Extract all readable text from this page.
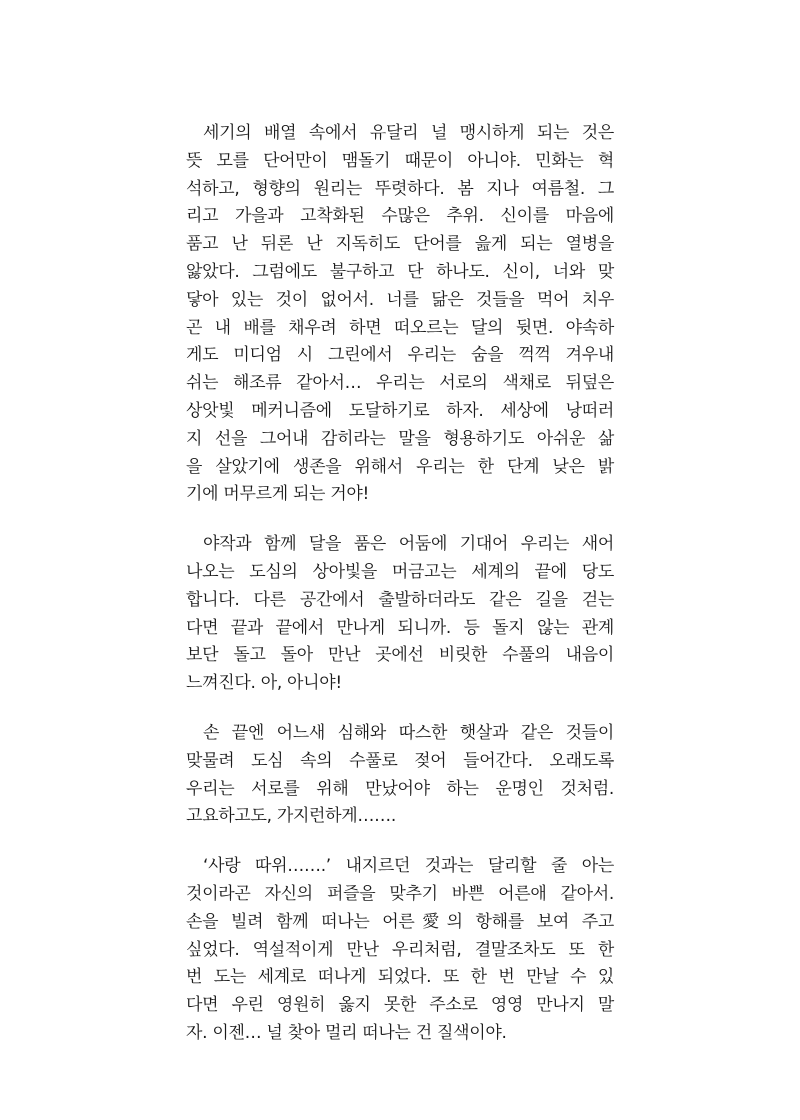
세기의 배열 속에서 유달리 널 맹시하게 되는 것은
뜻 모를 단어만이 맴돌기 때문이 아니야. 민화는 혁
석하고, 형향의 원리는 뚜렷하다. 봄 지나 여름철. 그
리고 가을과 고착화된 수많은 추위. 신이를 마음에
품고 난 뒤론 난 지독히도 단어를 읊게 되는 열병을
앓았다. 그럼에도 불구하고 단 하나도. 신이, 너와 맞
닿아 있는 것이 없어서. 너를 닮은 것들을 먹어 치우
곤 내 배를 채우려 하면 떠오르는 달의 뒷면. 야속하
게도 미디엄 시 그린에서 우리는 숨을 꺽꺽 겨우내
쉬는 해조류 같아서… 우리는 서로의 색채로 뒤덮은
상앗빛 메커니즘에 도달하기로 하자. 세상에 낭떠러
지 선을 그어내 감히라는 말을 형용하기도 아쉬운 삶
을 살았기에 생존을 위해서 우리는 한 단계 낮은 밝
기에 머무르게 되는 거야!
야작과 함께 달을 품은 어둠에 기대어 우리는 새어
나오는 도심의 상아빛을 머금고는 세계의 끝에 당도
합니다. 다른 공간에서 출발하더라도 같은 길을 걷는
다면 끝과 끝에서 만나게 되니까. 등 돌지 않는 관계
보단 돌고 돌아 만난 곳에선 비릿한 수풀의 내음이
느껴진다. 아, 아니야!
손 끝엔 어느새 심해와 따스한 햇살과 같은 것들이
맞물려 도심 속의 수풀로 젖어 들어간다. 오래도록
우리는 서로를 위해 만났어야 하는 운명인 것처럼.
고요하고도, 가지런하게…….
‘사랑 따위…….’ 내지르던 것과는 달리할 줄 아는
것이라곤 자신의 퍼즐을 맞추기 바쁜 어른애 같아서.
손을 빌려 함께 떠나는 어른愛의 항해를 보여 주고
싶었다. 역설적이게 만난 우리처럼, 결말조차도 또 한
번 도는 세계로 떠나게 되었다. 또 한 번 만날 수 있
다면 우린 영원히 옳지 못한 주소로 영영 만나지 말
자. 이젠… 널 찾아 멀리 떠나는 건 질색이야.
